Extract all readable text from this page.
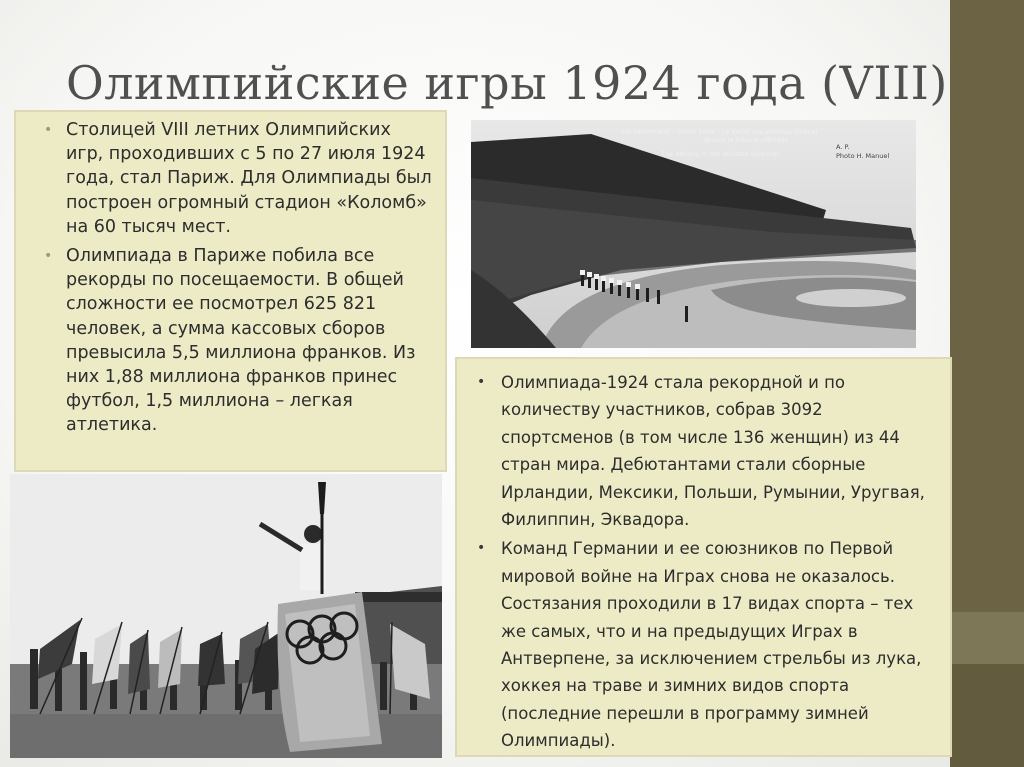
Олимпийские игры 1924 года (VIII)
• Столицей VIII летних Олимпийских игр, проходивших с 5 по 27 июля 1924 года, стал Париж. Для Олимпиады был построен огромный стадион «Коломб» на 60 тысяч мест.
• Олимпиада в Париже побила все рекорды по посещаемости. В общей сложности ее посмотрел 625 821 человек, а сумма кассовых сборов превысила 5,5 миллиона франков. Из них 1,88 миллиона франков принес футбол, 1,5 миллиона – легкая атлетика.
• Олимпиада-1924 стала рекордной и по количеству участников, собрав 3092 спортсменов (в том числе 136 женщин) из 44 стран мира. Дебютантами стали сборные Ирландии, Мексики, Польши, Румынии, Уругвая, Филиппин, Эквадора.
• Команд Германии и ее союзников по Первой мировой войне на Играх снова не оказалось. Состязания проходили в 17 видах спорта – тех же самых, что и на предыдущих Играх в Антверпене, за исключением стрельбы из лука, хоккея на траве и зимних видов спорта (последние перешли в программу зимней Олимпиады).
VIII OLYMPIADE – PARIS 1924 – Le défilé des athlètes (Grèce)
devant la tribune officielle
The defiling of the athletes (Greece)
A. P.
Photo H. Manuel
